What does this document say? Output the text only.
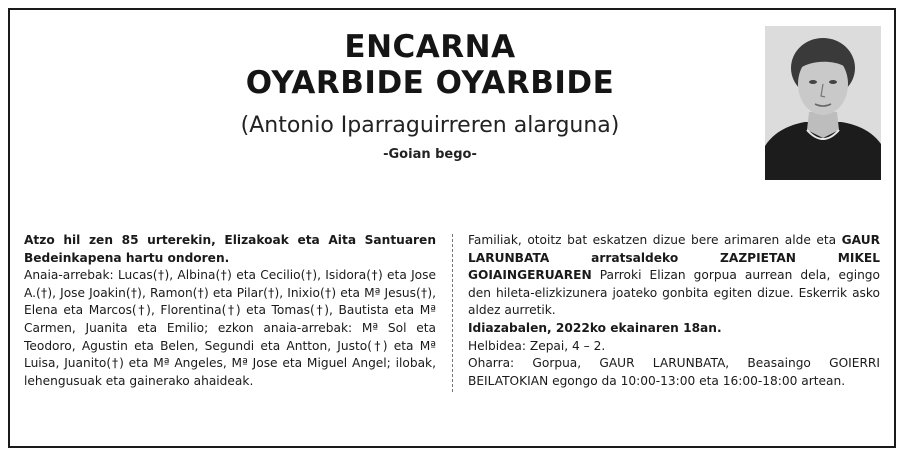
ENCARNA
OYARBIDE OYARBIDE
(Antonio Iparraguirreren alarguna)
-Goian bego-

Atzo hil zen 85 urterekin, Elizakoak eta Aita Santuaren Bedeinkapena hartu ondoren.

Anaia-arrebak: Lucas(†), Albina(†) eta Cecilio(†), Isidora(†) eta Jose A.(†), Jose Joakin(†), Ramon(†) eta Pilar(†), Inixio(†) eta Mª Jesus(†), Elena eta Marcos(†), Florentina(†) eta Tomas(†), Bautista eta Mª Carmen, Juanita eta Emilio; ezkon anaia-arrebak: Mª Sol eta Teodoro, Agustin eta Belen, Segundi eta Antton, Justo(†) eta Mª Luisa, Juanito(†) eta Mª Angeles, Mª Jose eta Miguel Angel; ilobak, lehengusuak eta gainerako ahaideak.

Familiak, otoitz bat eskatzen dizue bere arimaren alde eta GAUR LARUNBATA arratsaldeko ZAZPIETAN MIKEL GOIAINGERUAREN Parroki Elizan gorpua aurrean dela, egingo den hileta-elizkizunera joateko gonbita egiten dizue. Eskerrik asko aldez aurretik.

Idiazabalen, 2022ko ekainaren 18an.

Helbidea: Zepai, 4 – 2.

Oharra: Gorpua, GAUR LARUNBATA, Beasaingo GOIERRI BEILATOKIAN egongo da 10:00-13:00 eta 16:00-18:00 artean.
